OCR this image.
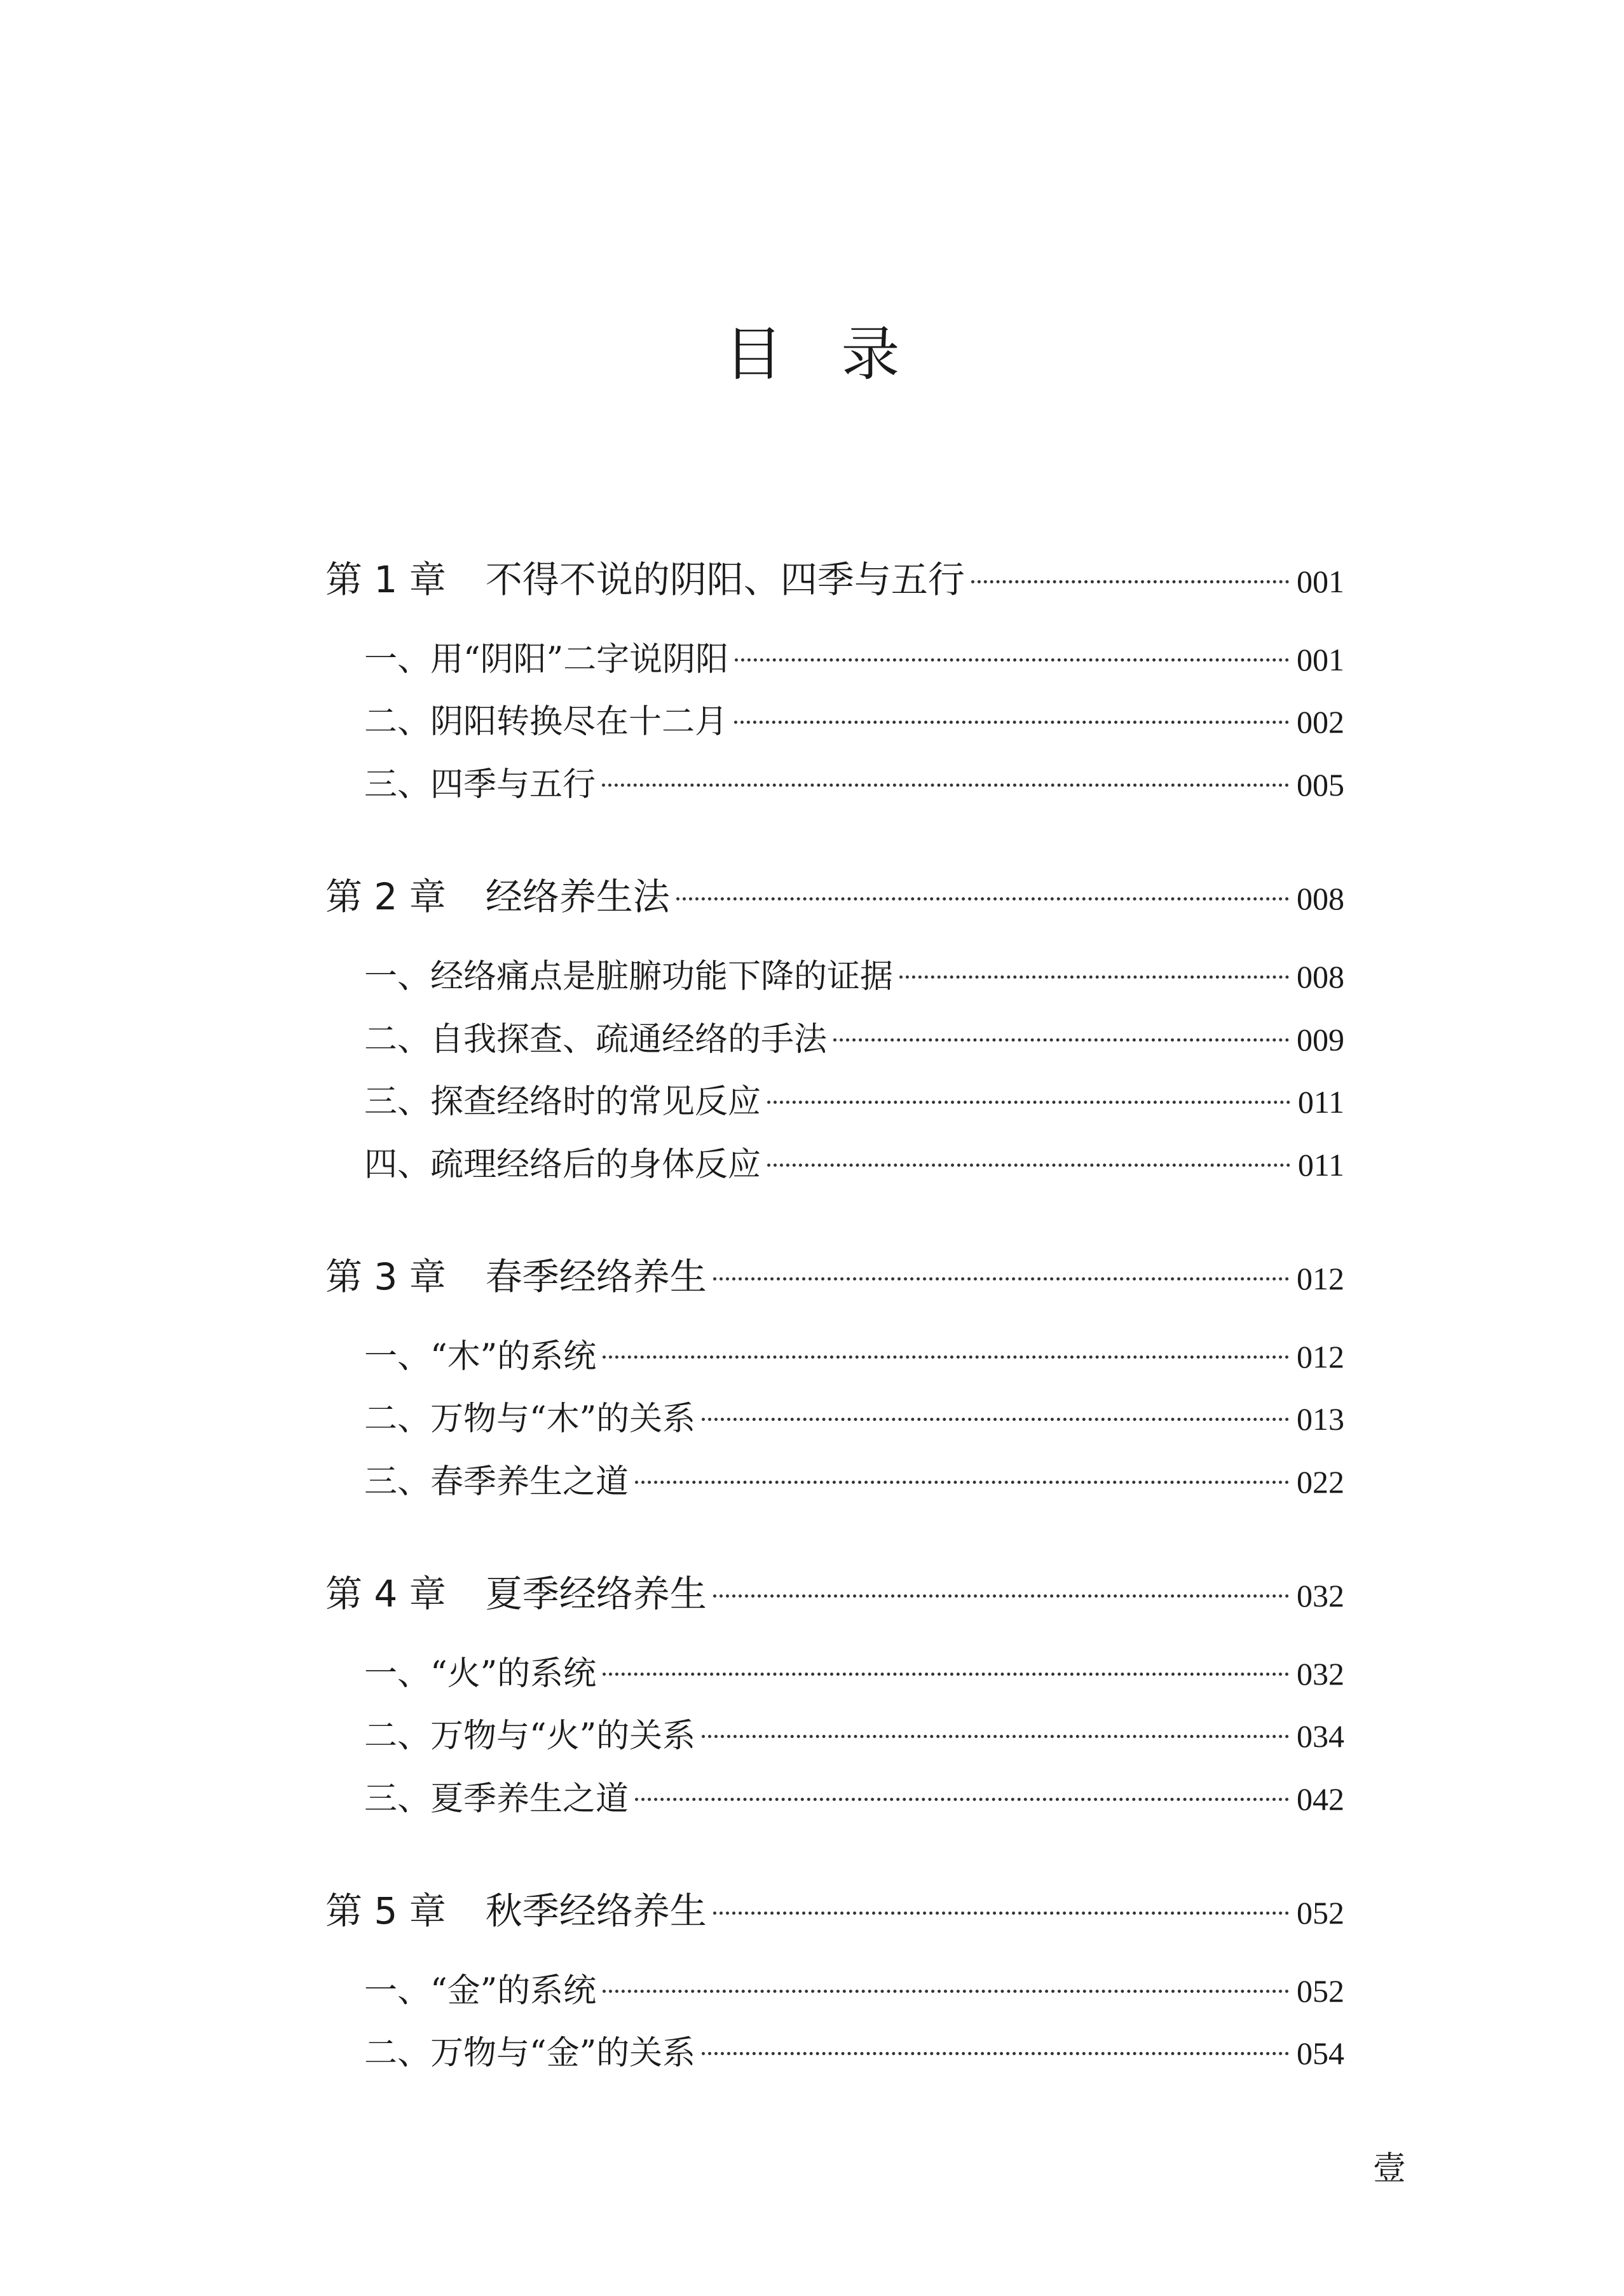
目　录
第 1 章 不得不说的阴阳、四季与五行	001
一、用“阴阳”二字说阴阳	001
二、阴阳转换尽在十二月	002
三、四季与五行	005
第 2 章 经络养生法	008
一、经络痛点是脏腑功能下降的证据	008
二、自我探查、疏通经络的手法	009
三、探查经络时的常见反应	011
四、疏理经络后的身体反应	011
第 3 章 春季经络养生	012
一、“木”的系统	012
二、万物与“木”的关系	013
三、春季养生之道	022
第 4 章 夏季经络养生	032
一、“火”的系统	032
二、万物与“火”的关系	034
三、夏季养生之道	042
第 5 章 秋季经络养生	052
一、“金”的系统	052
二、万物与“金”的关系	054
壹
